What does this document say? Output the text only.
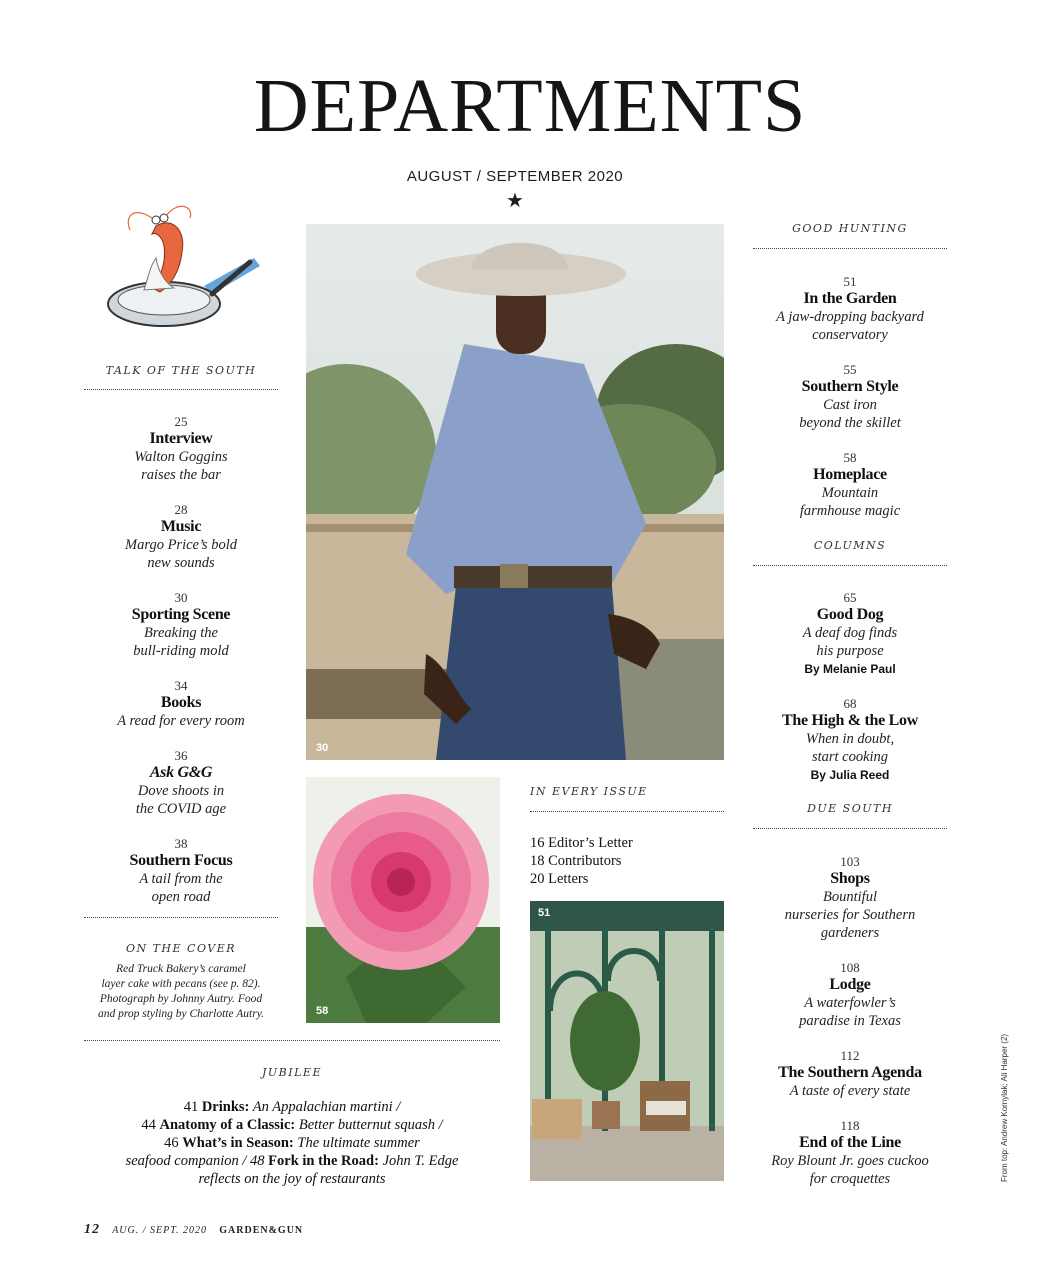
DEPARTMENTS
AUGUST / SEPTEMBER 2020
★
TALK OF THE SOUTH
25
Interview
Walton Goggins
raises the bar
28
Music
Margo Price’s bold
new sounds
30
Sporting Scene
Breaking the
bull-riding mold
34
Books
A read for every room
36
Ask G&G
Dove shoots in
the COVID age
38
Southern Focus
A tail from the
open road
ON THE COVER
Red Truck Bakery’s caramel
layer cake with pecans (see p. 82).
Photograph by Johnny Autry. Food
and prop styling by Charlotte Autry.
30
58
IN EVERY ISSUE
16 Editor’s Letter
18 Contributors
20 Letters
51
JUBILEE
41 Drinks: An Appalachian martini /
44 Anatomy of a Classic: Better butternut squash /
46 What’s in Season: The ultimate summer
seafood companion / 48 Fork in the Road: John T. Edge
reflects on the joy of restaurants
GOOD HUNTING
51
In the Garden
A jaw-dropping backyard
conservatory
55
Southern Style
Cast iron
beyond the skillet
58
Homeplace
Mountain
farmhouse magic
COLUMNS
65
Good Dog
A deaf dog finds
his purpose
By Melanie Paul
68
The High & the Low
When in doubt,
start cooking
By Julia Reed
DUE SOUTH
103
Shops
Bountiful
nurseries for Southern
gardeners
108
Lodge
A waterfowler’s
paradise in Texas
112
The Southern Agenda
A taste of every state
118
End of the Line
Roy Blount Jr. goes cuckoo
for croquettes	From top: Andrew Kornylak; Ali Harper (2)
12 AUG. / SEPT. 2020 GARDEN&GUN
